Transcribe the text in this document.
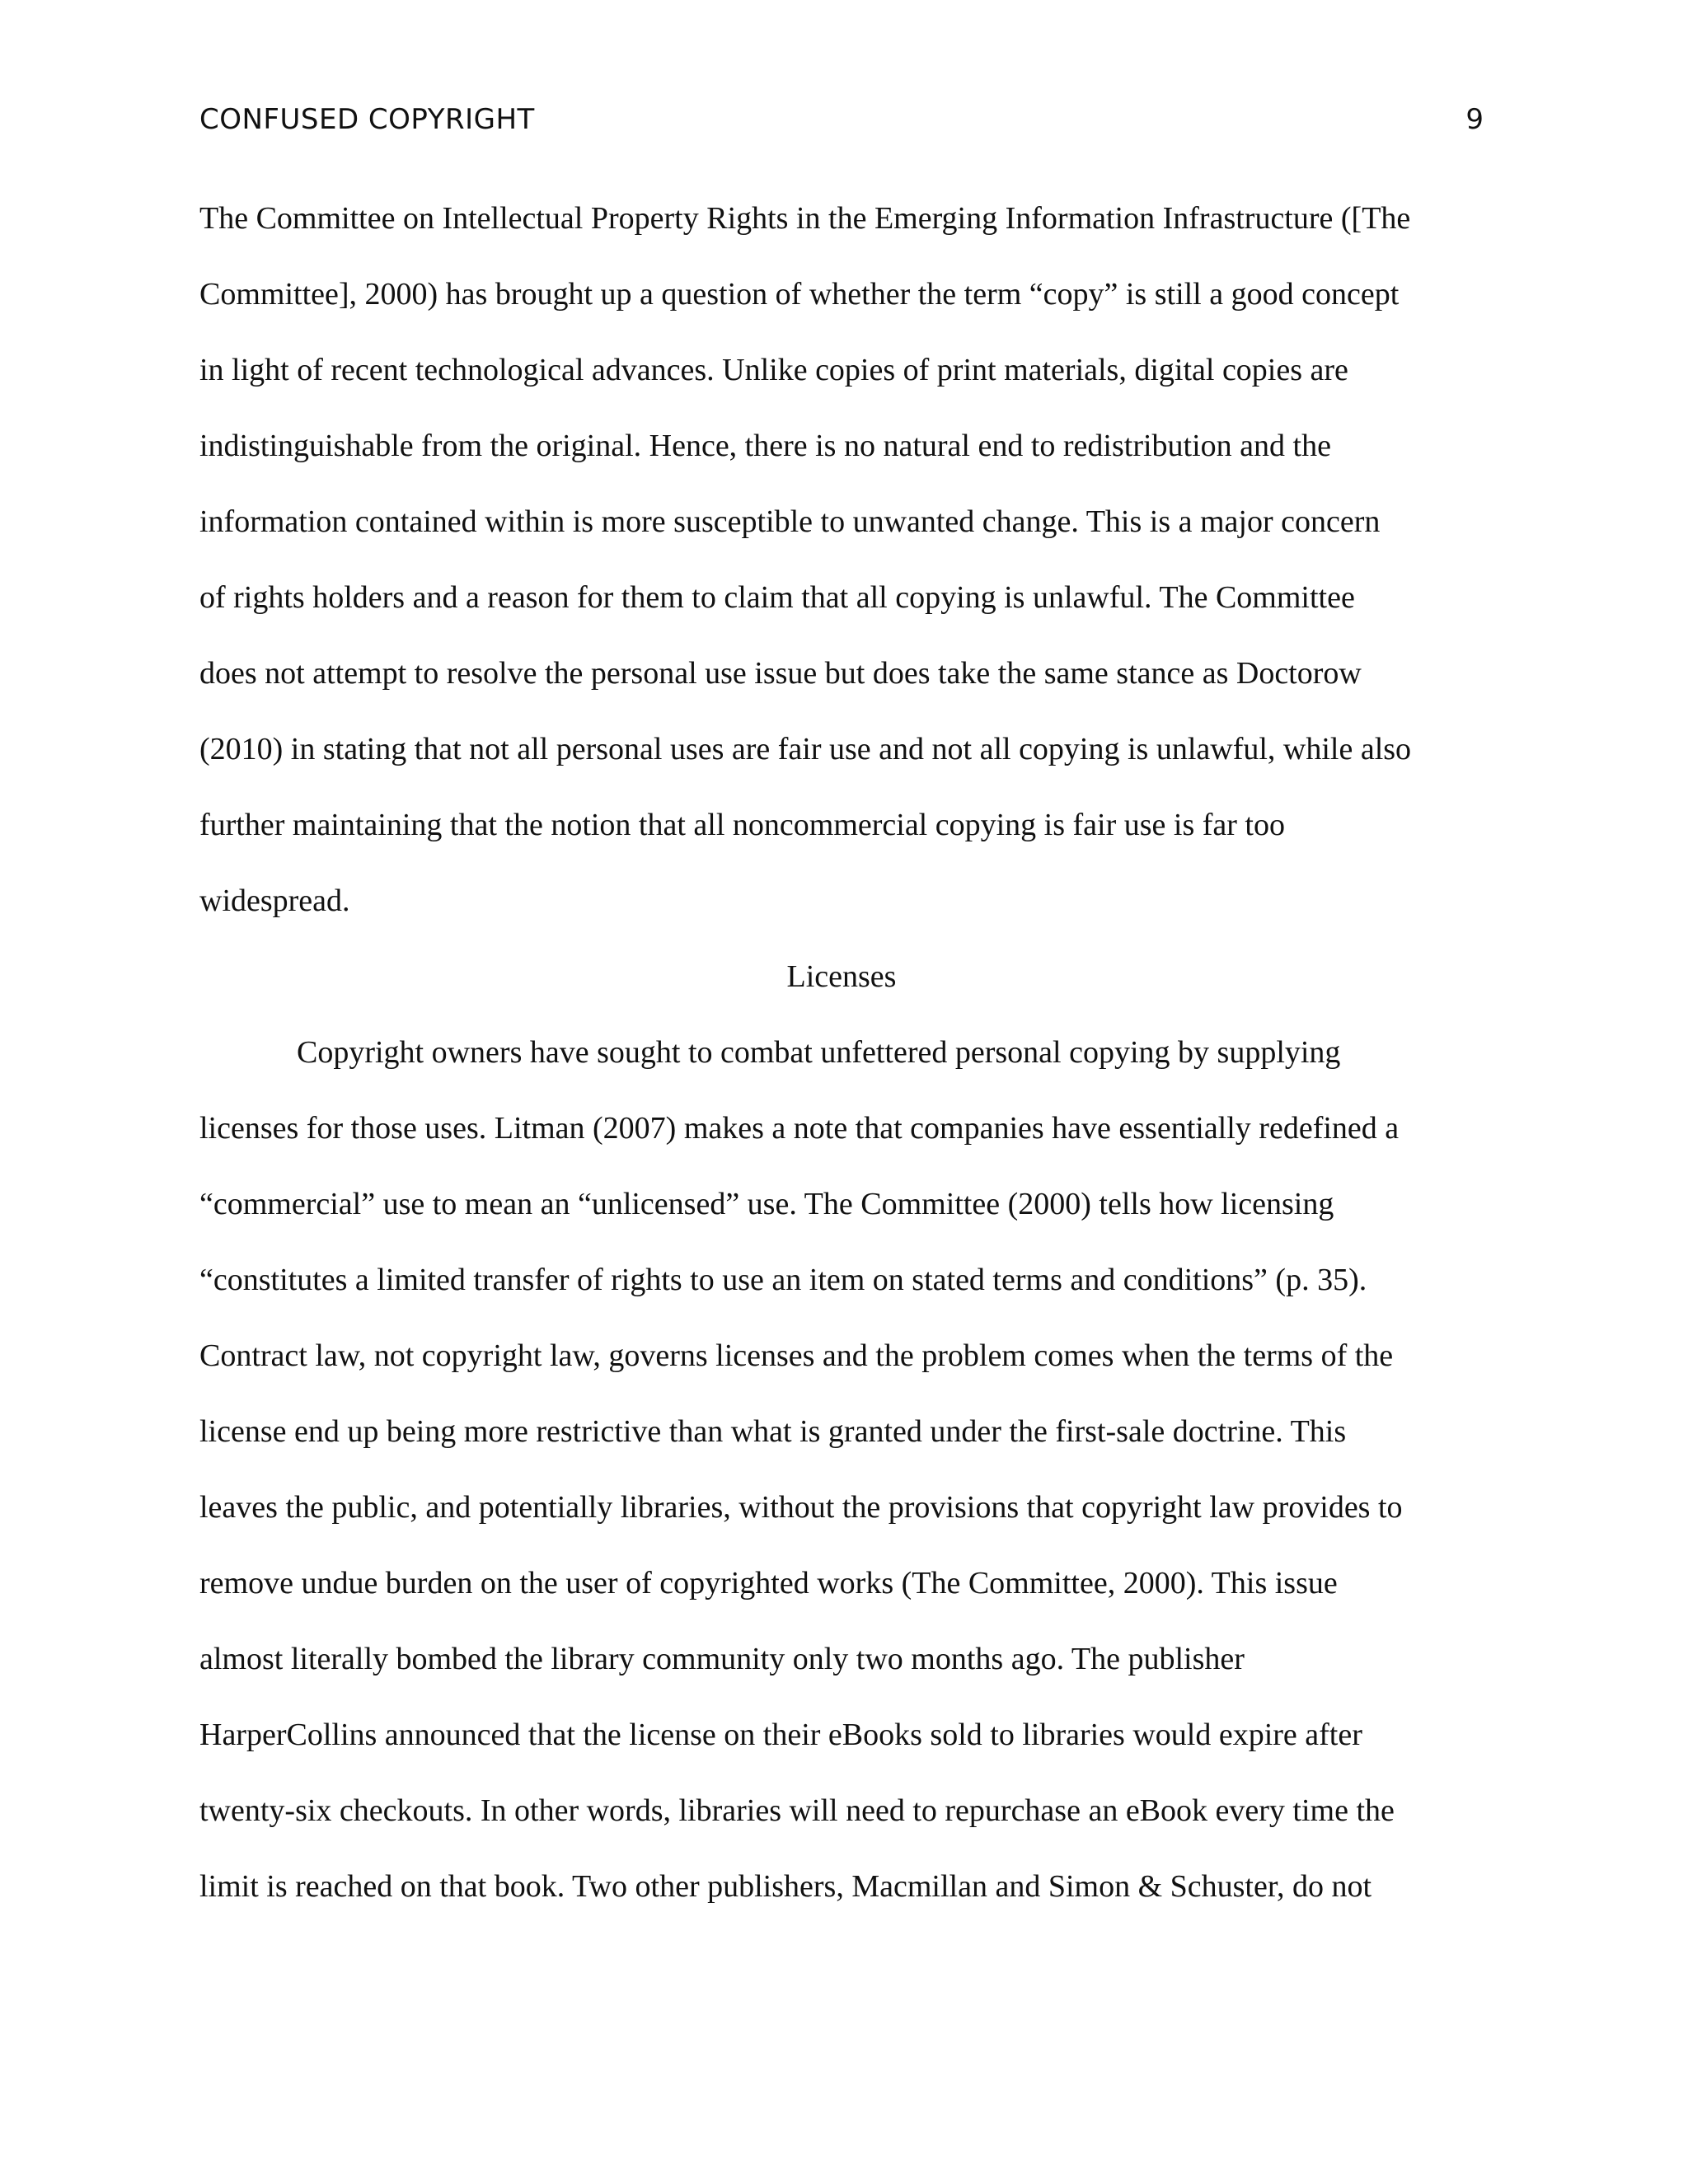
CONFUSED COPYRIGHT	9
The Committee on Intellectual Property Rights in the Emerging Information Infrastructure ([The
Committee], 2000) has brought up a question of whether the term “copy” is still a good concept
in light of recent technological advances. Unlike copies of print materials, digital copies are
indistinguishable from the original. Hence, there is no natural end to redistribution and the
information contained within is more susceptible to unwanted change. This is a major concern
of rights holders and a reason for them to claim that all copying is unlawful. The Committee
does not attempt to resolve the personal use issue but does take the same stance as Doctorow
(2010) in stating that not all personal uses are fair use and not all copying is unlawful, while also
further maintaining that the notion that all noncommercial copying is fair use is far too
widespread.
Licenses
Copyright owners have sought to combat unfettered personal copying by supplying
licenses for those uses. Litman (2007) makes a note that companies have essentially redefined a
“commercial” use to mean an “unlicensed” use. The Committee (2000) tells how licensing
“constitutes a limited transfer of rights to use an item on stated terms and conditions” (p. 35).
Contract law, not copyright law, governs licenses and the problem comes when the terms of the
license end up being more restrictive than what is granted under the first-sale doctrine. This
leaves the public, and potentially libraries, without the provisions that copyright law provides to
remove undue burden on the user of copyrighted works (The Committee, 2000). This issue
almost literally bombed the library community only two months ago. The publisher
HarperCollins announced that the license on their eBooks sold to libraries would expire after
twenty-six checkouts. In other words, libraries will need to repurchase an eBook every time the
limit is reached on that book. Two other publishers, Macmillan and Simon & Schuster, do not
